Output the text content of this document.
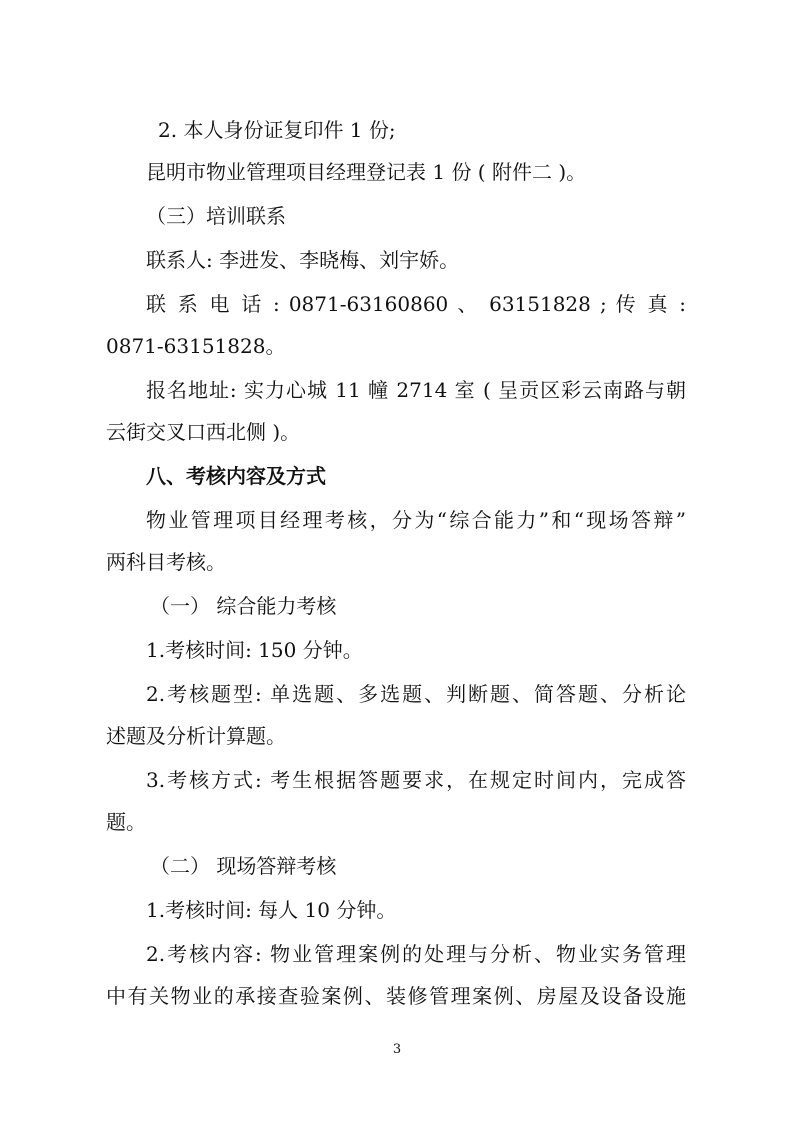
2. 本人身份证复印件 1 份;

昆明市物业管理项目经理登记表 1 份 ( 附件二 )。

（三）培训联系

联系人: 李进发、李晓梅、刘宇娇。

联 系 电 话 : 0871-63160860 、 63151828 ; 传 真 :

0871-63151828。

报名地址: 实力心城 11 幢 2714 室 ( 呈贡区彩云南路与朝

云街交叉口西北侧 )。

八、考核内容及方式

物业管理项目经理考核，分为“综合能力”和“现场答辩”

两科目考核。

（一） 综合能力考核

1.考核时间: 150 分钟。

2.考核题型: 单选题、多选题、判断题、简答题、分析论

述题及分析计算题。

3.考核方式: 考生根据答题要求，在规定时间内，完成答

题。

（二） 现场答辩考核

1.考核时间: 每人 10 分钟。

2.考核内容: 物业管理案例的处理与分析、物业实务管理

中有关物业的承接查验案例、装修管理案例、房屋及设备设施

3
